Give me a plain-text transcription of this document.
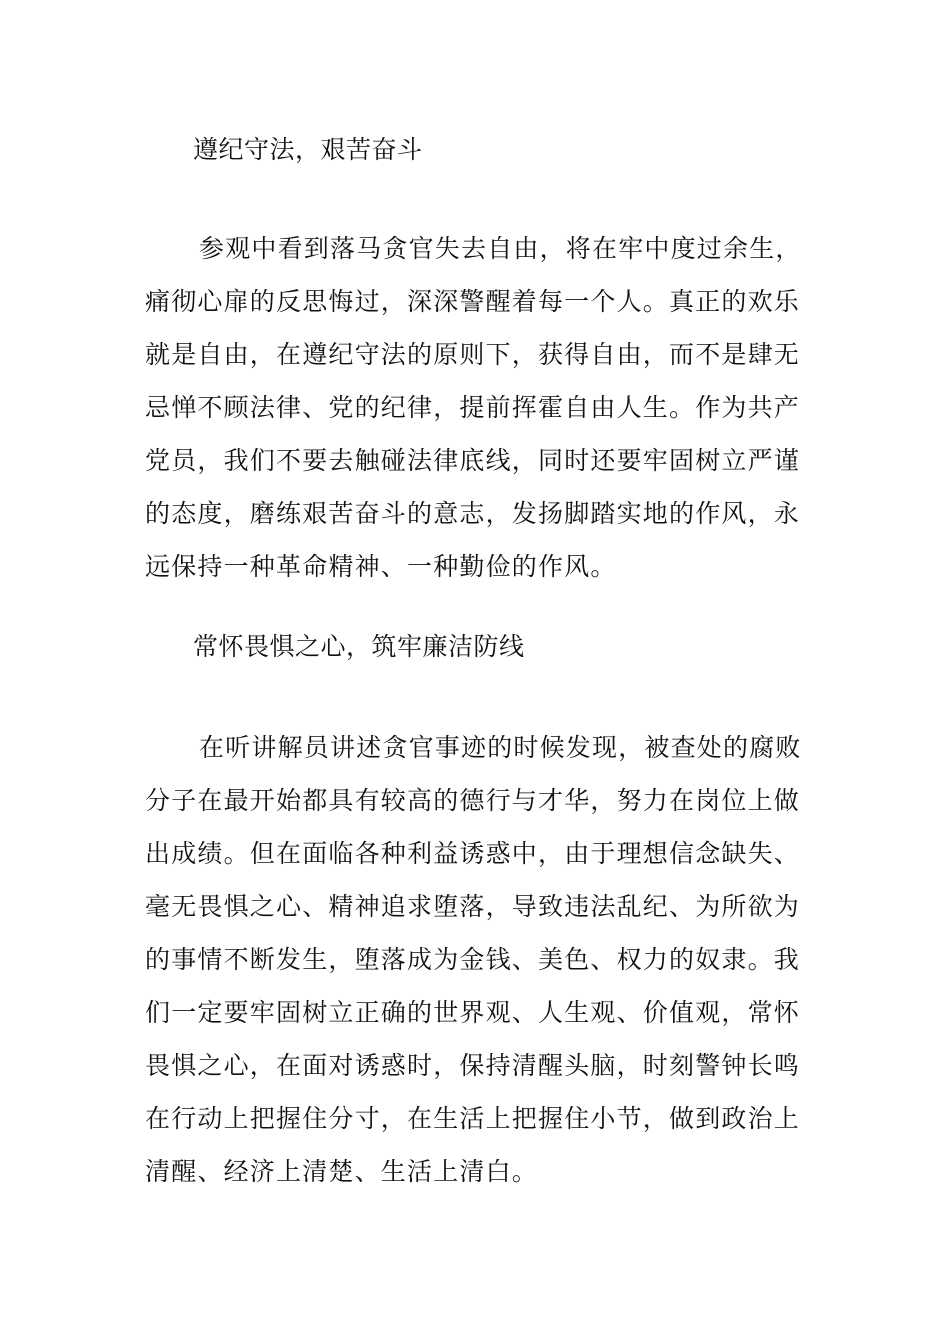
遵纪守法，艰苦奋斗
参观中看到落马贪官失去自由，将在牢中度过余生，
痛彻心扉的反思悔过，深深警醒着每一个人。真正的欢乐
就是自由，在遵纪守法的原则下，获得自由，而不是肆无
忌惮不顾法律、党的纪律，提前挥霍自由人生。作为共产
党员，我们不要去触碰法律底线，同时还要牢固树立严谨
的态度，磨练艰苦奋斗的意志，发扬脚踏实地的作风，永
远保持一种革命精神、一种勤俭的作风。
常怀畏惧之心，筑牢廉洁防线
在听讲解员讲述贪官事迹的时候发现，被查处的腐败
分子在最开始都具有较高的德行与才华，努力在岗位上做
出成绩。但在面临各种利益诱惑中，由于理想信念缺失、
毫无畏惧之心、精神追求堕落，导致违法乱纪、为所欲为
的事情不断发生，堕落成为金钱、美色、权力的奴隶。我
们一定要牢固树立正确的世界观、人生观、价值观，常怀
畏惧之心，在面对诱惑时，保持清醒头脑，时刻警钟长鸣
在行动上把握住分寸，在生活上把握住小节，做到政治上
清醒、经济上清楚、生活上清白。
